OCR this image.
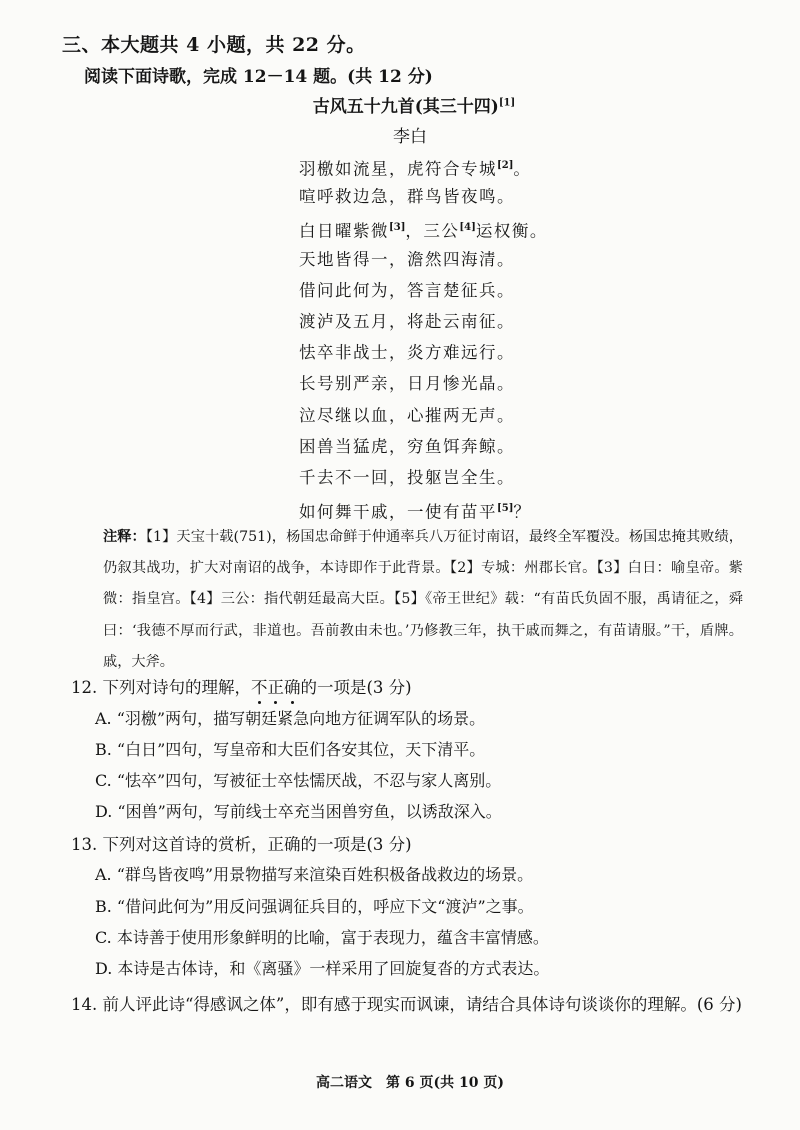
三、本大题共 4 小题，共 22 分。
阅读下面诗歌，完成 12－14 题。(共 12 分)
古风五十九首(其三十四)[1]
李白
羽檄如流星，虎符合专城[2]。
喧呼救边急，群鸟皆夜鸣。
白日曜紫微[3]，三公[4]运权衡。
天地皆得一，澹然四海清。
借问此何为，答言楚征兵。
渡泸及五月，将赴云南征。
怯卒非战士，炎方难远行。
长号别严亲，日月惨光晶。
泣尽继以血，心摧两无声。
困兽当猛虎，穷鱼饵奔鲸。
千去不一回，投躯岂全生。
如何舞干戚，一使有苗平[5]？
注释：【1】天宝十载(751)，杨国忠命鲜于仲通率兵八万征讨南诏，最终全军覆没。杨国忠掩其败绩，仍叙其战功，扩大对南诏的战争，本诗即作于此背景。【2】专城：州郡长官。【3】白日：喻皇帝。紫微：指皇宫。【4】三公：指代朝廷最高大臣。【5】《帝王世纪》载：“有苗氏负固不服，禹请征之，舜曰：‘我德不厚而行武，非道也。吾前教由未也。’乃修教三年，执干戚而舞之，有苗请服。”干，盾牌。戚，大斧。
12. 下列对诗句的理解，不正确的一项是(3 分)
A. “羽檄”两句，描写朝廷紧急向地方征调军队的场景。
B. “白日”四句，写皇帝和大臣们各安其位，天下清平。
C. “怯卒”四句，写被征士卒怯懦厌战，不忍与家人离别。
D. “困兽”两句，写前线士卒充当困兽穷鱼，以诱敌深入。
13. 下列对这首诗的赏析，正确的一项是(3 分)
A. “群鸟皆夜鸣”用景物描写来渲染百姓积极备战救边的场景。
B. “借问此何为”用反问强调征兵目的，呼应下文“渡泸”之事。
C. 本诗善于使用形象鲜明的比喻，富于表现力，蕴含丰富情感。
D. 本诗是古体诗，和《离骚》一样采用了回旋复沓的方式表达。
14. 前人评此诗“得感讽之体”，即有感于现实而讽谏，请结合具体诗句谈谈你的理解。(6 分)
高二语文　第 6 页(共 10 页)
